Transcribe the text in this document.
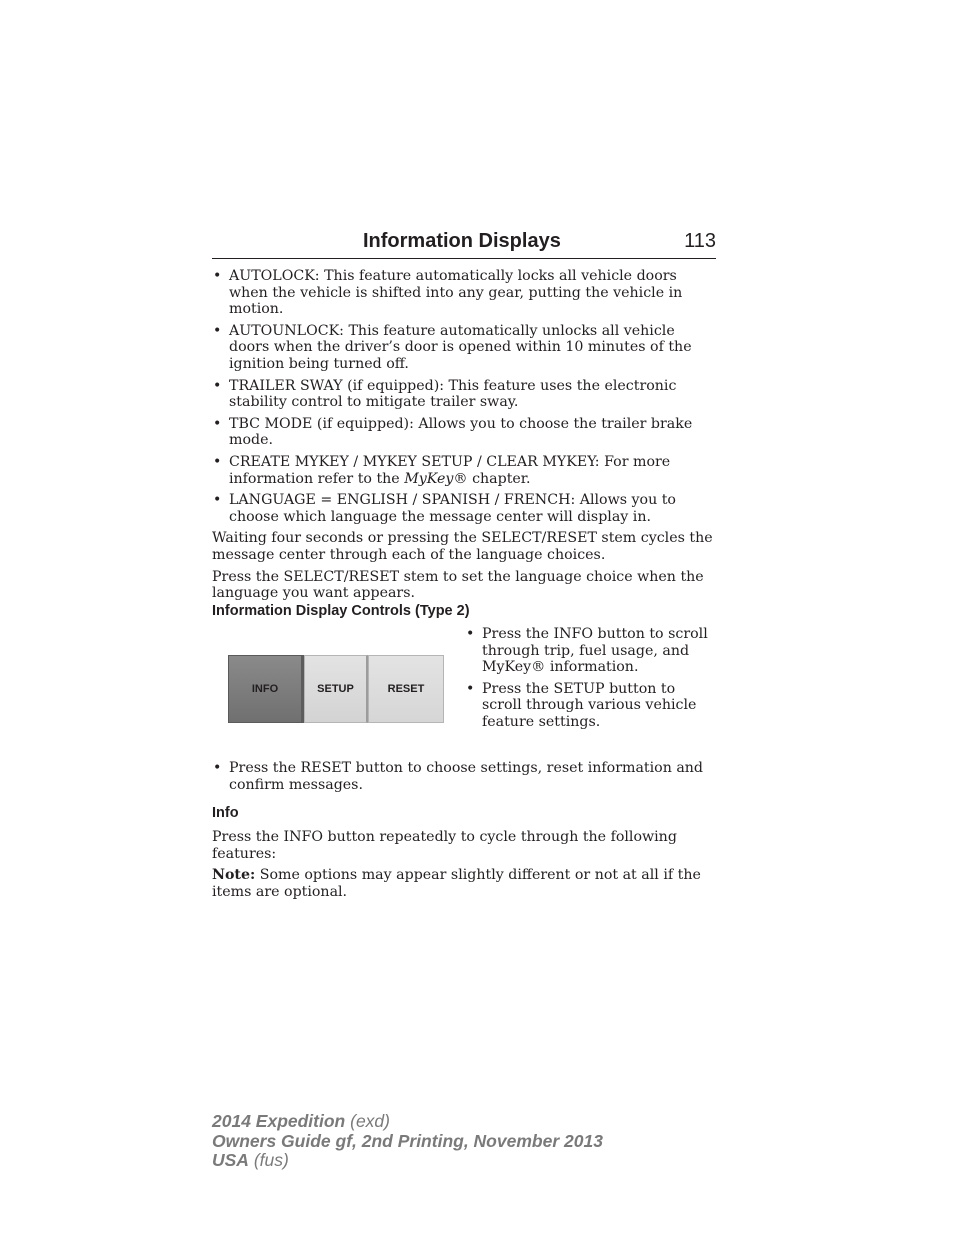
Information Displays	113
• AUTOLOCK: This feature automatically locks all vehicle doors when the vehicle is shifted into any gear, putting the vehicle in motion.
• AUTOUNLOCK: This feature automatically unlocks all vehicle doors when the driver’s door is opened within 10 minutes of the ignition being turned off.
• TRAILER SWAY (if equipped): This feature uses the electronic stability control to mitigate trailer sway.
• TBC MODE (if equipped): Allows you to choose the trailer brake mode.
• CREATE MYKEY / MYKEY SETUP / CLEAR MYKEY: For more information refer to the MyKey® chapter.
• LANGUAGE = ENGLISH / SPANISH / FRENCH: Allows you to choose which language the message center will display in.

Waiting four seconds or pressing the SELECT/RESET stem cycles the message center through each of the language choices.

Press the SELECT/RESET stem to set the language choice when the language you want appears.

Information Display Controls (Type 2)
INFO	SETUP	RESET
• Press the INFO button to scroll through trip, fuel usage, and MyKey® information.
• Press the SETUP button to scroll through various vehicle feature settings.
• Press the RESET button to choose settings, reset information and confirm messages.
Info

Press the INFO button repeatedly to cycle through the following features:

Note: Some options may appear slightly different or not at all if the items are optional.

2014 Expedition (exd)
Owners Guide gf, 2nd Printing, November 2013
USA (fus)
